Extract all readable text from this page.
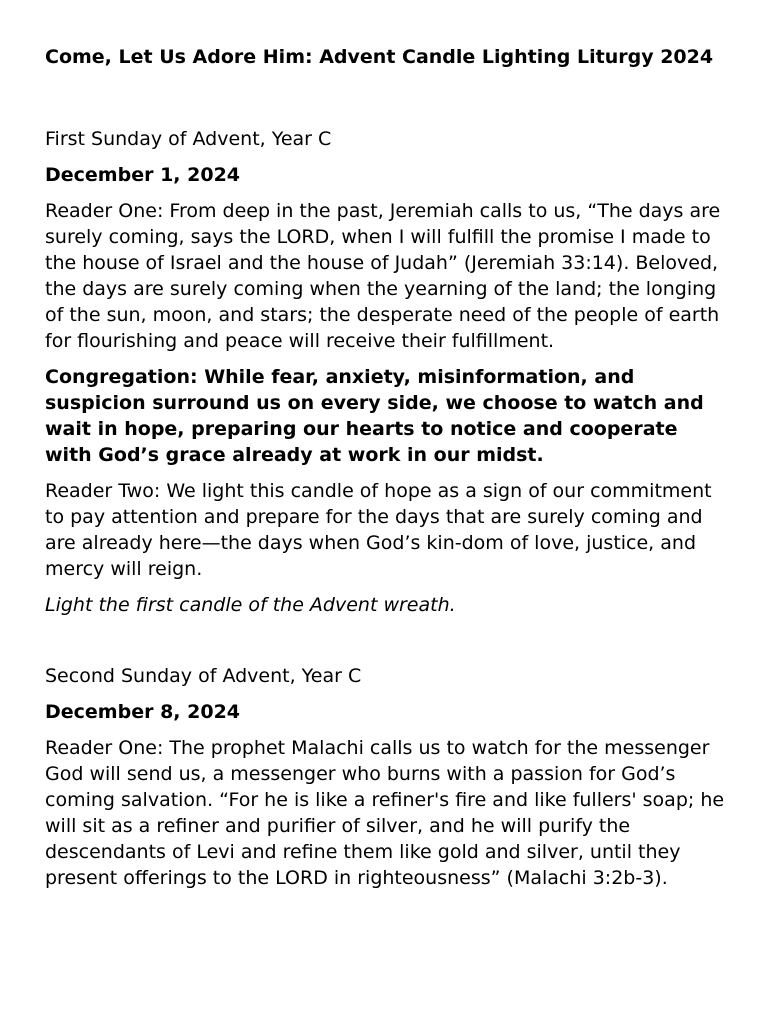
Come, Let Us Adore Him: Advent Candle Lighting Liturgy 2024

First Sunday of Advent, Year C

December 1, 2024

Reader One: From deep in the past, Jeremiah calls to us, “The days are surely coming, says the LORD, when I will fulfill the promise I made to the house of Israel and the house of Judah” (Jeremiah 33:14). Beloved, the days are surely coming when the yearning of the land; the longing of the sun, moon, and stars; the desperate need of the people of earth for flourishing and peace will receive their fulfillment.

Congregation: While fear, anxiety, misinformation, and suspicion surround us on every side, we choose to watch and wait in hope, preparing our hearts to notice and cooperate with God’s grace already at work in our midst.

Reader Two: We light this candle of hope as a sign of our commitment to pay attention and prepare for the days that are surely coming and are already here—the days when God’s kin-dom of love, justice, and mercy will reign.

Light the first candle of the Advent wreath.

Second Sunday of Advent, Year C

December 8, 2024

Reader One: The prophet Malachi calls us to watch for the messenger God will send us, a messenger who burns with a passion for God’s coming salvation. “For he is like a refiner's fire and like fullers' soap; he will sit as a refiner and purifier of silver, and he will purify the descendants of Levi and refine them like gold and silver, until they present offerings to the LORD in righteousness” (Malachi 3:2b-3).
